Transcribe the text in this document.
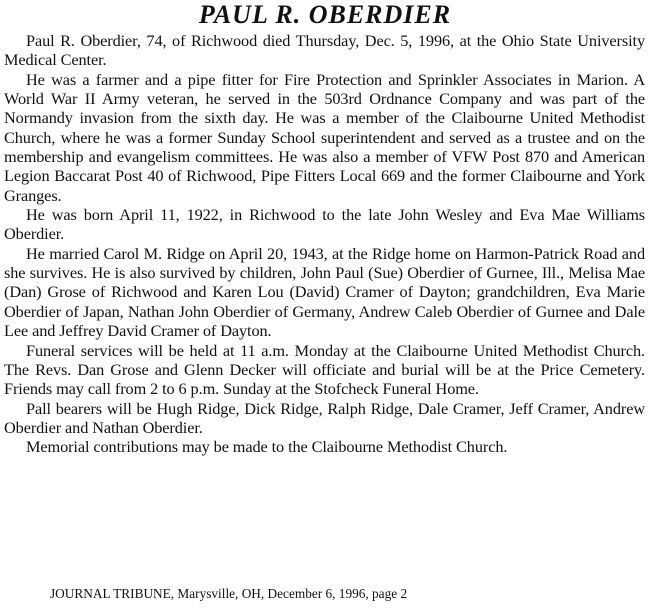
PAUL R. OBERDIER

Paul R. Oberdier, 74, of Richwood died Thursday, Dec. 5, 1996, at the Ohio State University Medical Center.

He was a farmer and a pipe fitter for Fire Protection and Sprinkler Associates in Marion. A World War II Army veteran, he served in the 503rd Ordnance Company and was part of the Normandy invasion from the sixth day. He was a member of the Claibourne United Methodist Church, where he was a former Sunday School superintendent and served as a trustee and on the membership and evangelism committees. He was also a member of VFW Post 870 and American Legion Baccarat Post 40 of Richwood, Pipe Fitters Local 669 and the former Claibourne and York Granges.

He was born April 11, 1922, in Richwood to the late John Wesley and Eva Mae Williams Oberdier.

He married Carol M. Ridge on April 20, 1943, at the Ridge home on Harmon-Patrick Road and she survives. He is also survived by children, John Paul (Sue) Oberdier of Gurnee, Ill., Melisa Mae (Dan) Grose of Richwood and Karen Lou (David) Cramer of Dayton; grandchildren, Eva Marie Oberdier of Japan, Nathan John Oberdier of Germany, Andrew Caleb Oberdier of Gurnee and Dale Lee and Jeffrey David Cramer of Dayton.

Funeral services will be held at 11 a.m. Monday at the Claibourne United Methodist Church. The Revs. Dan Grose and Glenn Decker will officiate and burial will be at the Price Cemetery. Friends may call from 2 to 6 p.m. Sunday at the Stofcheck Funeral Home.

Pall bearers will be Hugh Ridge, Dick Ridge, Ralph Ridge, Dale Cramer, Jeff Cramer, Andrew Oberdier and Nathan Oberdier.

Memorial contributions may be made to the Claibourne Methodist Church.

JOURNAL TRIBUNE, Marysville, OH, December 6, 1996, page 2
